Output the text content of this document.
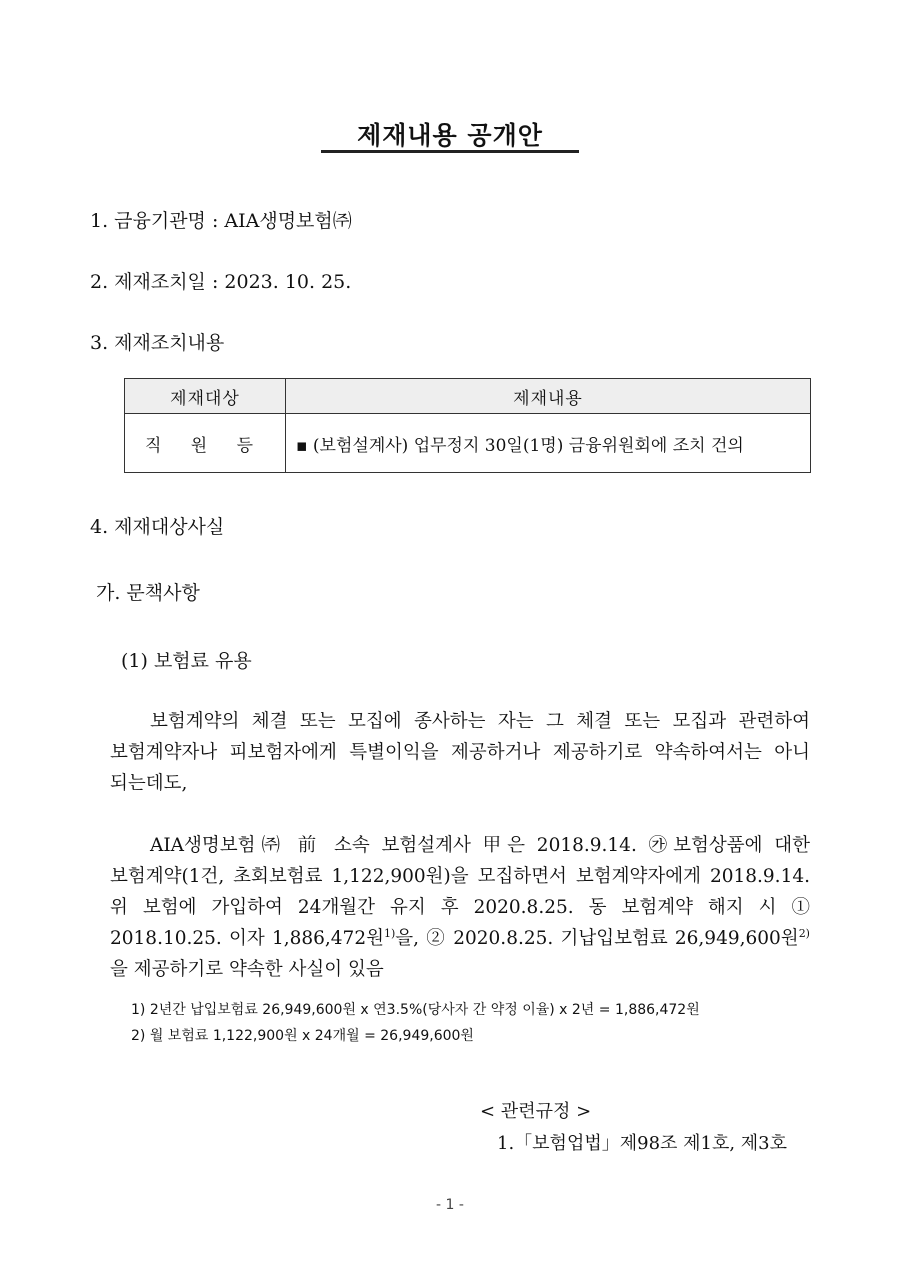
제재내용 공개안
1. 금융기관명 : AIA생명보험㈜
2. 제재조치일 : 2023. 10. 25.
3. 제재조치내용
제재대상	제재내용
직 원 등	▪ (보험설계사) 업무정지 30일(1명) 금융위원회에 조치 건의
4. 제재대상사실
가. 문책사항
(1) 보험료 유용
보험계약의 체결 또는 모집에 종사하는 자는 그 체결 또는 모집과 관련하여 보험계약자나 피보험자에게 특별이익을 제공하거나 제공하기로 약속하여서는 아니 되는데도,
AIA생명보험㈜ 前 소속 보험설계사 甲은 2018.9.14. ㉮보험상품에 대한 보험계약(1건, 초회보험료 1,122,900원)을 모집하면서 보험계약자에게 2018.9.14. 위 보험에 가입하여 24개월간 유지 후 2020.8.25. 동 보험계약 해지 시 ① 2018.10.25. 이자 1,886,472원$^{1)}$을, ② 2020.8.25. 기납입보험료 26,949,600원$^{2)}$을 제공하기로 약속한 사실이 있음
1) 2년간 납입보험료 26,949,600원 x 연3.5%(당사자 간 약정 이율) x 2년 = 1,886,472원
2) 월 보험료 1,122,900원 x 24개월 = 26,949,600원
< 관련규정 >
1.「보험업법」제98조 제1호, 제3호
- 1 -
